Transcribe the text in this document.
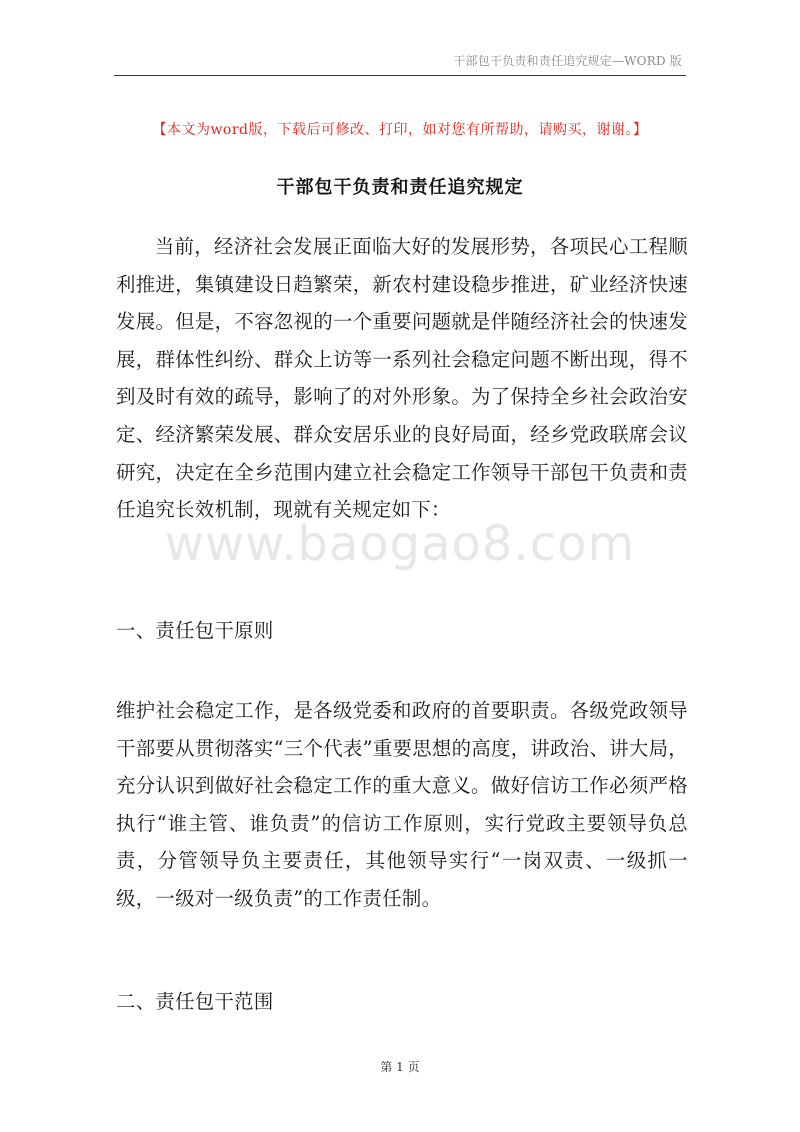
干部包干负责和责任追究规定—WORD 版
【本文为word版，下载后可修改、打印，如对您有所帮助，请购买，谢谢。】
干部包干负责和责任追究规定

当前，经济社会发展正面临大好的发展形势，各项民心工程顺利推进，集镇建设日趋繁荣，新农村建设稳步推进，矿业经济快速发展。但是，不容忽视的一个重要问题就是伴随经济社会的快速发展，群体性纠纷、群众上访等一系列社会稳定问题不断出现，得不到及时有效的疏导，影响了的对外形象。为了保持全乡社会政治安定、经济繁荣发展、群众安居乐业的良好局面，经乡党政联席会议研究，决定在全乡范围内建立社会稳定工作领导干部包干负责和责任追究长效机制，现就有关规定如下：

www.baogao8.com

一、责任包干原则

维护社会稳定工作，是各级党委和政府的首要职责。各级党政领导干部要从贯彻落实“三个代表”重要思想的高度，讲政治、讲大局，充分认识到做好社会稳定工作的重大意义。做好信访工作必须严格执行“谁主管、谁负责”的信访工作原则，实行党政主要领导负总责，分管领导负主要责任，其他领导实行“一岗双责、一级抓一级，一级对一级负责”的工作责任制。

二、责任包干范围

第 1 页
